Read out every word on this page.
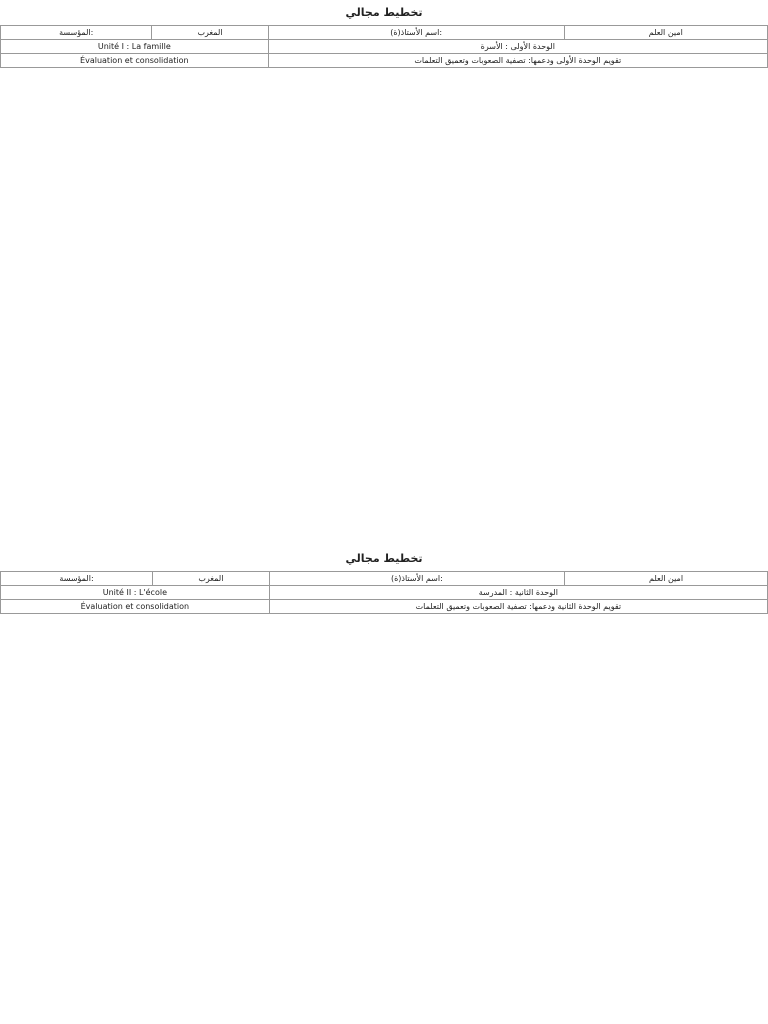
تخطيط مجالي
المؤسسة:	المغرب	اسم الأستاذ(ة):	امين العلم
Unité I : La famille		الوحدة الأولى : الأسرة	
Évaluation et consolidation		تقويم الوحدة الأولى ودعمها: تصفية الصعوبات وتعميق التعلمات	
تخطيط مجالي
المؤسسة:	المغرب	اسم الأستاذ(ة):	امين العلم
Unité II : L'école		الوحدة الثانية : المدرسة	
Évaluation et consolidation		تقويم الوحدة الثانية ودعمها: تصفية الصعوبات وتعميق التعلمات	
